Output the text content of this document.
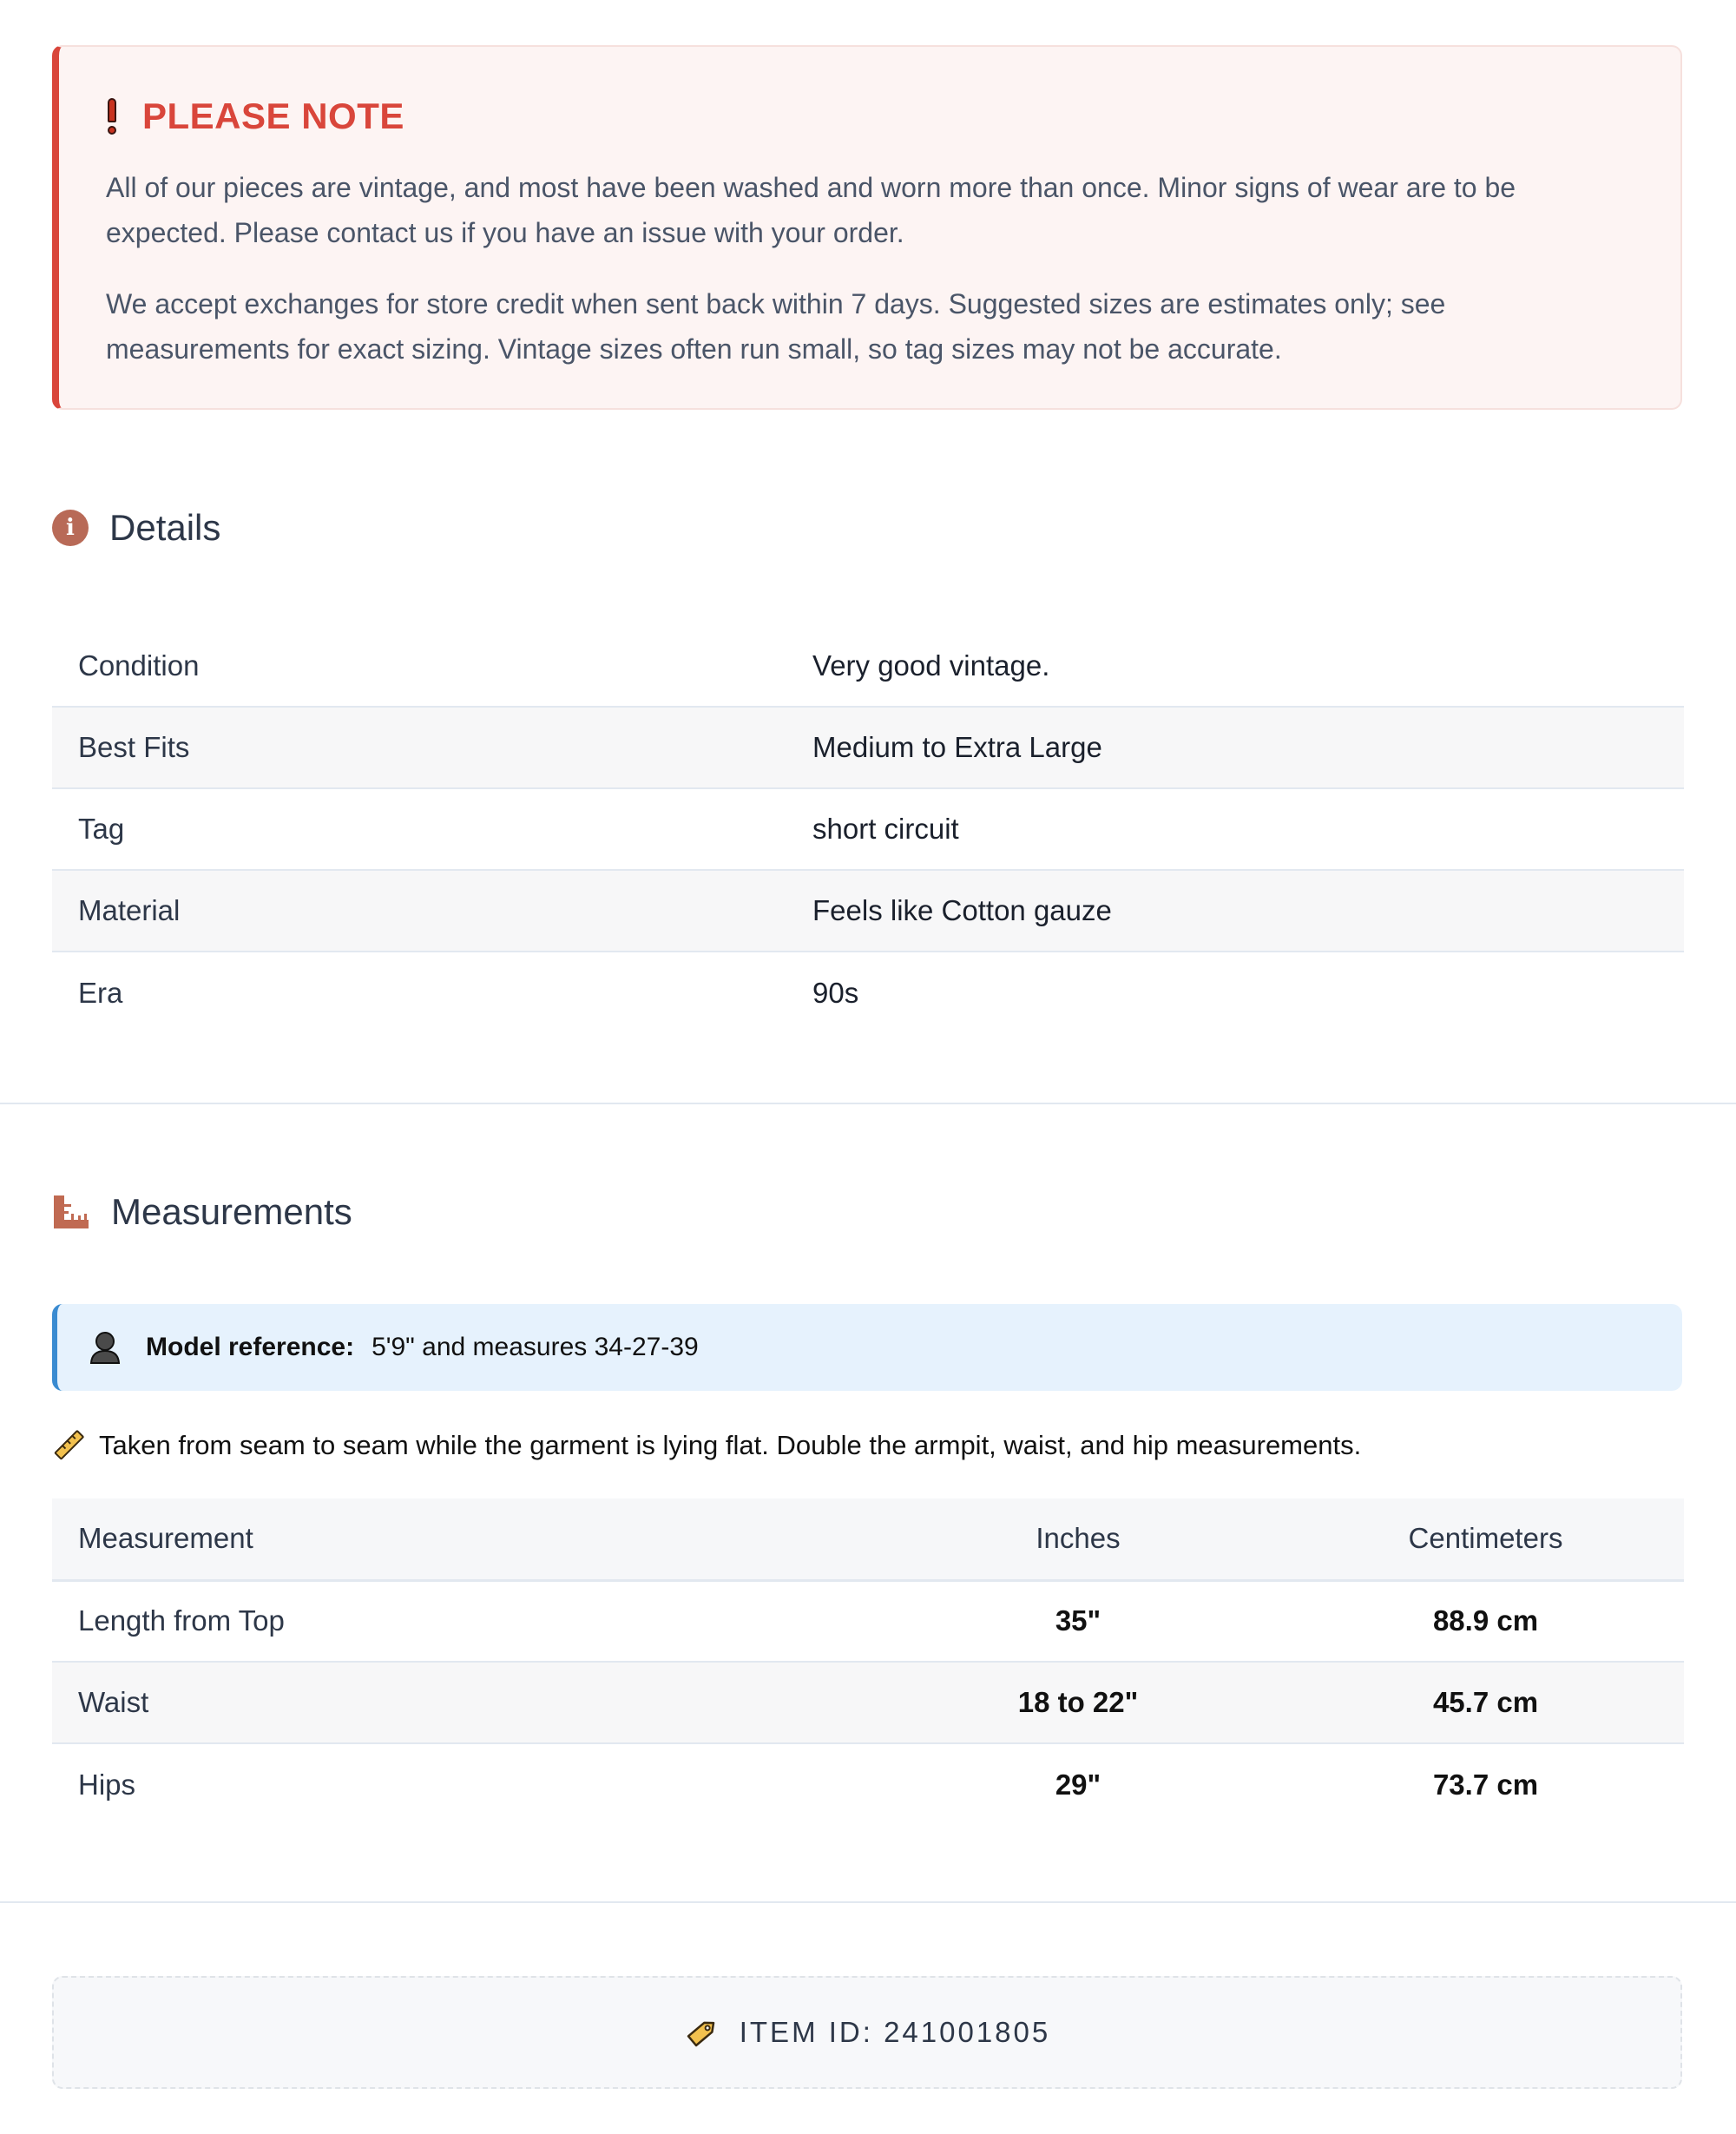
PLEASE NOTE

All of our pieces are vintage, and most have been washed and worn more than once. Minor signs of wear are to be expected. Please contact us if you have an issue with your order.

We accept exchanges for store credit when sent back within 7 days. Suggested sizes are estimates only; see measurements for exact sizing. Vintage sizes often run small, so tag sizes may not be accurate.

i Details
Condition	Very good vintage.
Best Fits	Medium to Extra Large
Tag	short circuit
Material	Feels like Cotton gauze
Era	90s
Measurements
Model reference: 5'9" and measures 34-27-39
Taken from seam to seam while the garment is lying flat. Double the armpit, waist, and hip measurements.
Measurement	Inches	Centimeters
Length from Top	35"	88.9 cm
Waist	18 to 22"	45.7 cm
Hips	29"	73.7 cm
ITEM ID: 241001805
